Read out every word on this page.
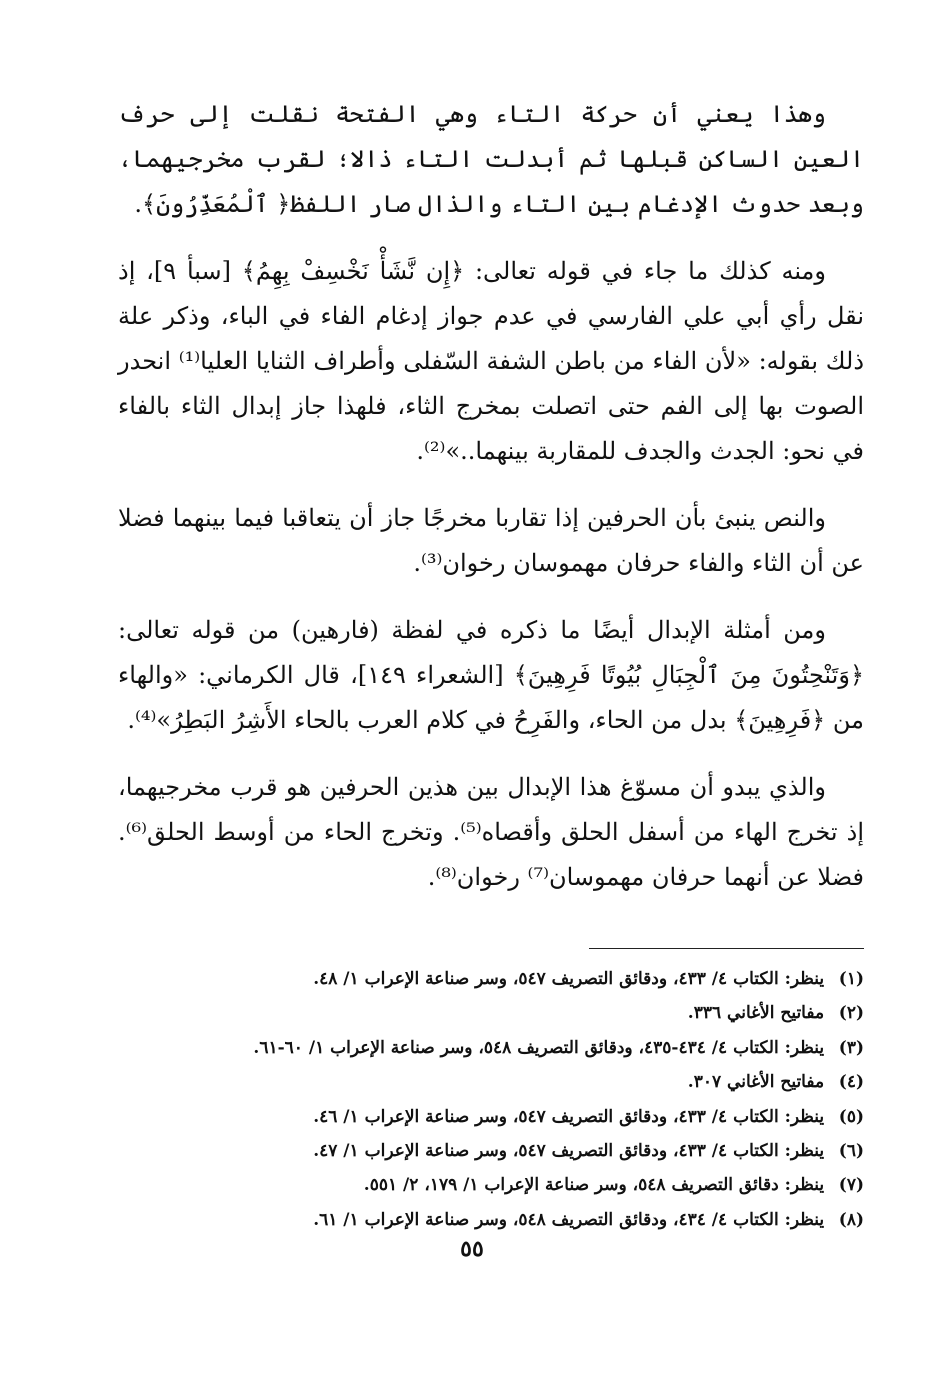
وهذا يعني أن حركة التاء وهي الفتحة نقلت إلى حرف العين الساكن قبلها ثم أبدلت التاء ذالا؛ لقرب مخرجيهما، وبعد حدوث الإدغام بين التاء والذال صار اللفظ﴿ ٱلْمُعَذِّرُونَ﴾.

ومنه كذلك ما جاء في قوله تعالى: ﴿إِن نَّشَأْ نَخْسِفْ بِهِمُ﴾ [سبأ ٩]، إذ نقل رأي أبي علي الفارسي في عدم جواز إدغام الفاء في الباء، وذكر علة ذلك بقوله: «لأن الفاء من باطن الشفة السّفلى وأطراف الثنايا العليا⁽¹⁾ انحدر الصوت بها إلى الفم حتى اتصلت بمخرج الثاء، فلهذا جاز إبدال الثاء بالفاء في نحو: الجدث والجدف للمقاربة بينهما..»⁽²⁾.

والنص ينبئ بأن الحرفين إذا تقاربا مخرجًا جاز أن يتعاقبا فيما بينهما فضلا عن أن الثاء والفاء حرفان مهموسان رخوان⁽³⁾.

ومن أمثلة الإبدال أيضًا ما ذكره في لفظة (فارهين) من قوله تعالى: ﴿وَتَنْحِتُونَ مِنَ ٱلْجِبَالِ بُيُوتًا فَرِهِينَ﴾ [الشعراء ١٤٩]، قال الكرماني: «والهاء من ﴿فَرِهِينَ﴾ بدل من الحاء، والفَرِحُ في كلام العرب بالحاء الأَشِرُ البَطِرُ»⁽⁴⁾.

والذي يبدو أن مسوّغ هذا الإبدال بين هذين الحرفين هو قرب مخرجيهما، إذ تخرج الهاء من أسفل الحلق وأقصاه⁽⁵⁾. وتخرج الحاء من أوسط الحلق⁽⁶⁾. فضلا عن أنهما حرفان مهموسان⁽⁷⁾ رخوان⁽⁸⁾.

(١) ينظر: الكتاب ٤/ ٤٣٣، ودقائق التصريف ٥٤٧، وسر صناعة الإعراب ١/ ٤٨.
(٢) مفاتيح الأغاني ٣٣٦.
(٣) ينظر: الكتاب ٤/ ٤٣٤-٤٣٥، ودقائق التصريف ٥٤٨، وسر صناعة الإعراب ١/ ٦٠-٦١.
(٤) مفاتيح الأغاني ٣٠٧.
(٥) ينظر: الكتاب ٤/ ٤٣٣، ودقائق التصريف ٥٤٧، وسر صناعة الإعراب ١/ ٤٦.
(٦) ينظر: الكتاب ٤/ ٤٣٣، ودقائق التصريف ٥٤٧، وسر صناعة الإعراب ١/ ٤٧.
(٧) ينظر: دقائق التصريف ٥٤٨، وسر صناعة الإعراب ١/ ١٧٩، ٢/ ٥٥١.
(٨) ينظر: الكتاب ٤/ ٤٣٤، ودقائق التصريف ٥٤٨، وسر صناعة الإعراب ١/ ٦١.
٥٥
